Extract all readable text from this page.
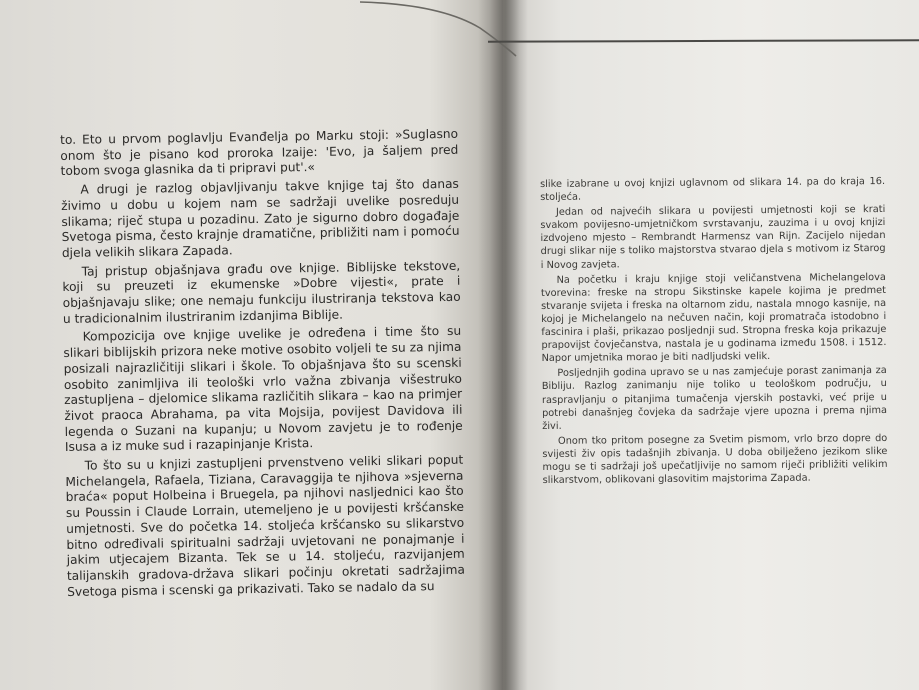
to. Eto u prvom poglavlju Evanđelja po Marku stoji: »Suglasno onom što je pisano kod proroka Izaije: 'Evo, ja šaljem pred tobom svoga glasnika da ti pripravi put'.«

A drugi je razlog objavljivanju takve knjige taj što danas živimo u dobu u kojem nam se sadržaji uvelike posreduju slikama; riječ stupa u pozadinu. Zato je sigurno dobro događaje Svetoga pisma, često krajnje dramatične, približiti nam i pomoću djela velikih slikara Zapada.

Taj pristup objašnjava građu ove knjige. Biblijske tekstove, koji su preuzeti iz ekumenske »Dobre vijesti«, prate i objašnjavaju slike; one nemaju funkciju ilustriranja tekstova kao u tradicionalnim ilustriranim izdanjima Biblije.

Kompozicija ove knjige uvelike je određena i time što su slikari biblijskih prizora neke motive osobito voljeli te su za njima posizali najrazličitiji slikari i škole. To objašnjava što su scenski osobito zanimljiva ili teološki vrlo važna zbivanja višestruko zastupljena – djelomice slikama različitih slikara – kao na primjer život praoca Abrahama, pa vita Mojsija, povijest Davidova ili legenda o Suzani na kupanju; u Novom zavjetu je to rođenje Isusa a iz muke sud i razapinjanje Krista.

To što su u knjizi zastupljeni prvenstveno veliki slikari poput Michelangela, Rafaela, Tiziana, Caravaggija te njihova »sjeverna braća« poput Holbeina i Bruegela, pa njihovi nasljednici kao što su Poussin i Claude Lorrain, utemeljeno je u povijesti kršćanske umjetnosti. Sve do početka 14. stoljeća kršćansko su slikarstvo bitno određivali spiritualni sadržaji uvjetovani ne ponajmanje i jakim utjecajem Bizanta. Tek se u 14. stoljeću, razvijanjem talijanskih gradova-država slikari počinju okretati sadržajima Svetoga pisma i scenski ga prikazivati. Tako se nadalo da su

slike izabrane u ovoj knjizi uglavnom od slikara 14. pa do kraja 16. stoljeća.

Jedan od najvećih slikara u povijesti umjetnosti koji se krati svakom povijesno-umjetničkom svrstavanju, zauzima i u ovoj knjizi izdvojeno mjesto – Rembrandt Harmensz van Rijn. Zacijelo nijedan drugi slikar nije s toliko majstorstva stvarao djela s motivom iz Starog i Novog zavjeta.

Na početku i kraju knjige stoji veličanstvena Michelangelova tvorevina: freske na stropu Sikstinske kapele kojima je predmet stvaranje svijeta i freska na oltarnom zidu, nastala mnogo kasnije, na kojoj je Michelangelo na nečuven način, koji promatrača istodobno i fascinira i plaši, prikazao posljednji sud. Stropna freska koja prikazuje prapovijst čovječanstva, nastala je u godinama između 1508. i 1512. Napor umjetnika morao je biti nadljudski velik.

Posljednjih godina upravo se u nas zamjećuje porast zanimanja za Bibliju. Razlog zanimanju nije toliko u teološkom području, u raspravljanju o pitanjima tumačenja vjerskih postavki, već prije u potrebi današnjeg čovjeka da sadržaje vjere upozna i prema njima živi.

Onom tko pritom posegne za Svetim pismom, vrlo brzo dopre do svijesti živ opis tadašnjih zbivanja. U doba obilježeno jezikom slike mogu se ti sadržaji još upečatljivije no samom riječi približiti velikim slikarstvom, oblikovani glasovitim majstorima Zapada.
